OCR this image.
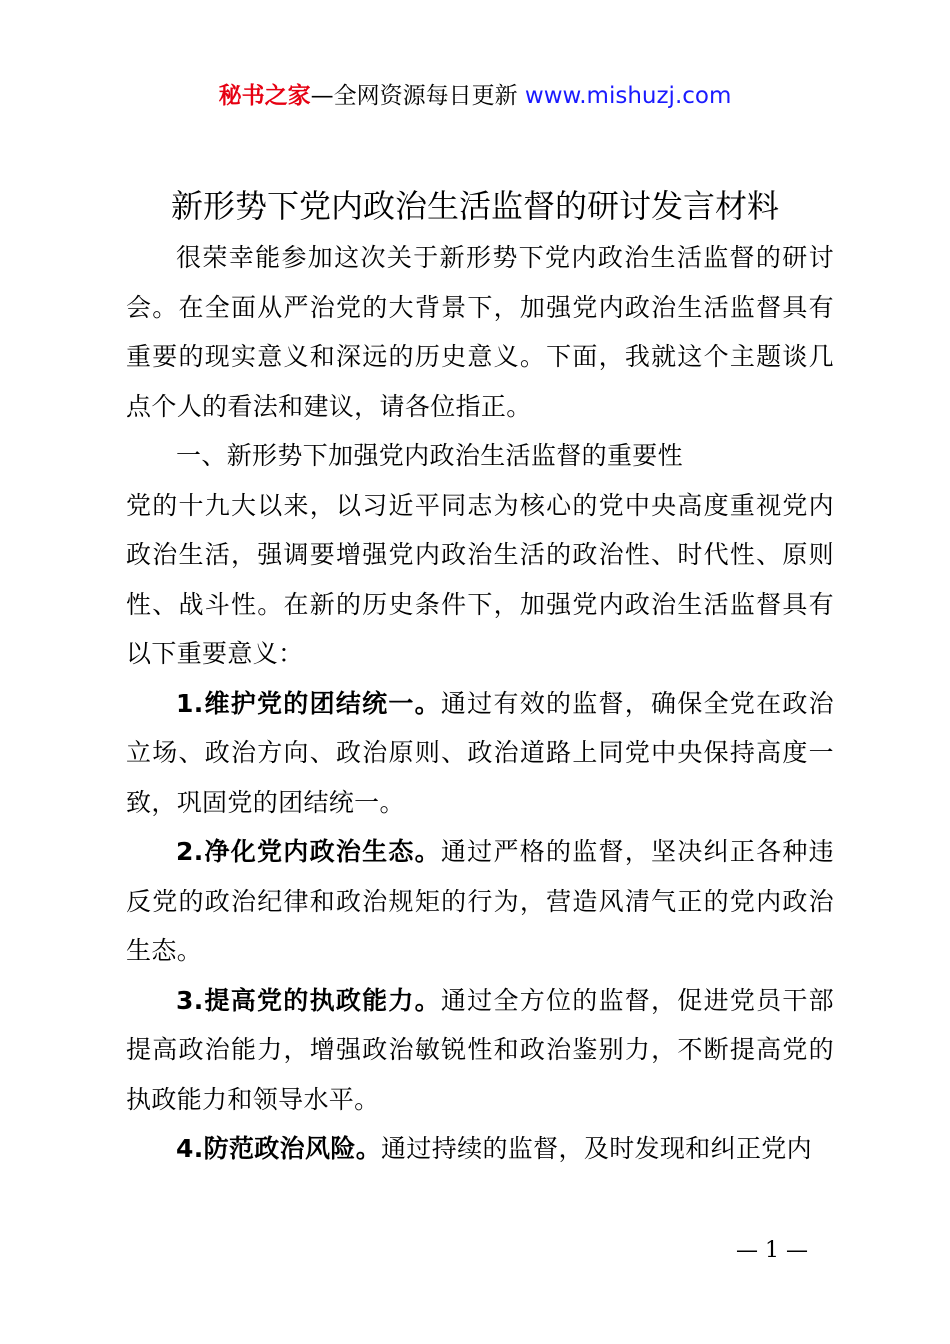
秘书之家—全网资源每日更新 www.mishuzj.com
新形势下党内政治生活监督的研讨发言材料

很荣幸能参加这次关于新形势下党内政治生活监督的研讨会。在全面从严治党的大背景下，加强党内政治生活监督具有重要的现实意义和深远的历史意义。下面，我就这个主题谈几点个人的看法和建议，请各位指正。

一、新形势下加强党内政治生活监督的重要性

党的十九大以来，以习近平同志为核心的党中央高度重视党内政治生活，强调要增强党内政治生活的政治性、时代性、原则性、战斗性。在新的历史条件下，加强党内政治生活监督具有以下重要意义：

1.维护党的团结统一。通过有效的监督，确保全党在政治立场、政治方向、政治原则、政治道路上同党中央保持高度一致，巩固党的团结统一。

2.净化党内政治生态。通过严格的监督，坚决纠正各种违反党的政治纪律和政治规矩的行为，营造风清气正的党内政治生态。

3.提高党的执政能力。通过全方位的监督，促进党员干部提高政治能力，增强政治敏锐性和政治鉴别力，不断提高党的执政能力和领导水平。

4.防范政治风险。通过持续的监督，及时发现和纠正党内

— 1 —
